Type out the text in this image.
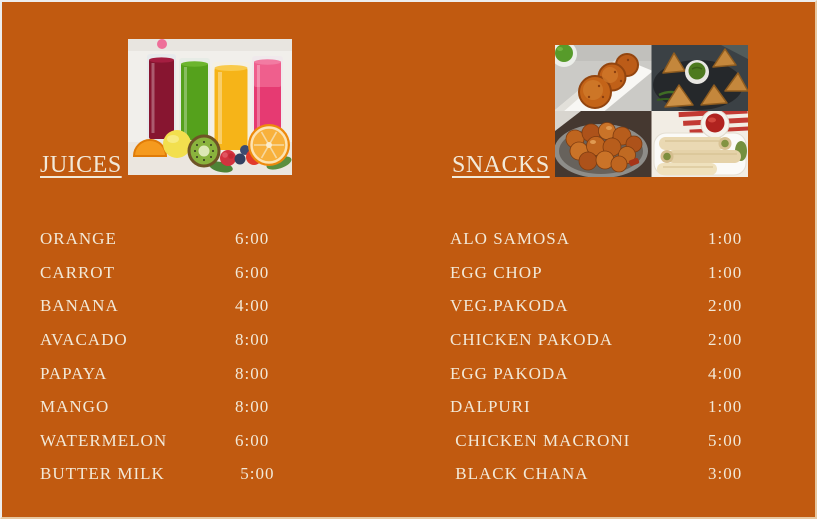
JUICES	SNACKS
ORANGE	6:00
CARROT	6:00
BANANA	4:00
AVACADO	8:00
PAPAYA	8:00
MANGO	8:00
WATERMELON	6:00
BUTTER MILK	5:00
ALO SAMOSA	1:00
EGG CHOP	1:00
VEG.PAKODA	2:00
CHICKEN PAKODA	2:00
EGG PAKODA	4:00
DALPURI	1:00
CHICKEN MACRONI	5:00
BLACK CHANA	3:00
